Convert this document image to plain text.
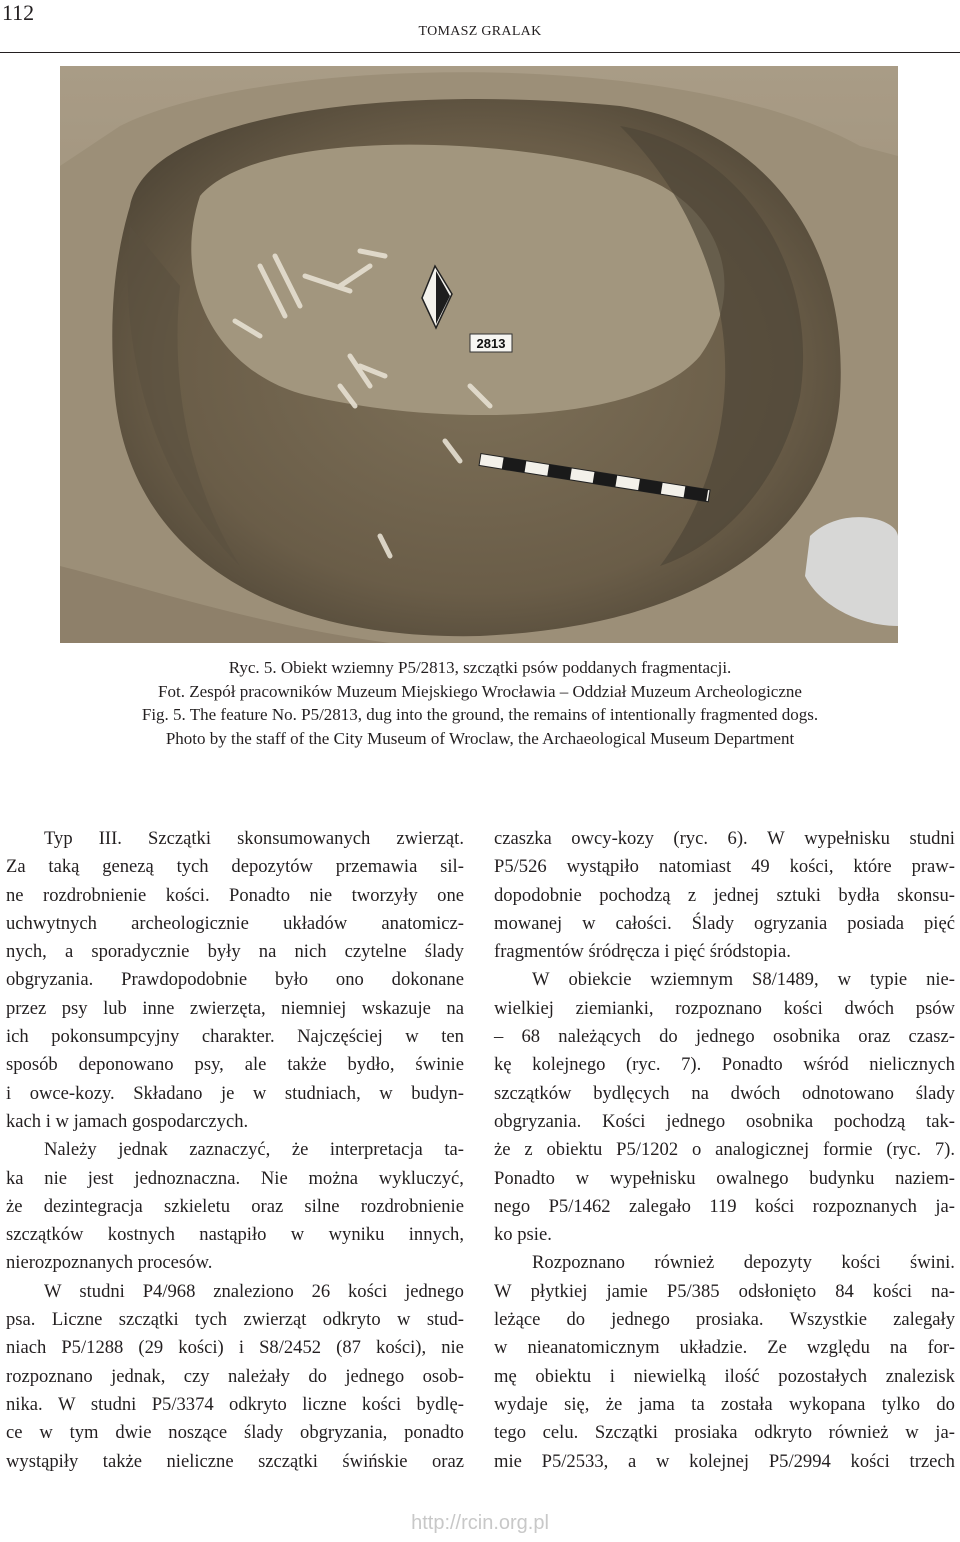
112
TOMASZ GRALAK
2813
Ryc. 5. Obiekt wziemny P5/2813, szczątki psów poddanych fragmentacji.
Fot. Zespół pracowników Muzeum Miejskiego Wrocławia – Oddział Muzeum Archeologiczne
Fig. 5. The feature No. P5/2813, dug into the ground, the remains of intentionally fragmented dogs.
Photo by the staff of the City Museum of Wroclaw, the Archaeological Museum Department
Typ III. Szczątki skonsumowanych zwierząt.
Za taką genezą tych depozytów przemawia sil-
ne rozdrobnienie kości. Ponadto nie tworzyły one
uchwytnych archeologicznie układów anatomicz-
nych, a sporadycznie były na nich czytelne ślady
obgryzania. Prawdopodobnie było ono dokonane
przez psy lub inne zwierzęta, niemniej wskazuje na
ich pokonsumpcyjny charakter. Najczęściej w ten
sposób deponowano psy, ale także bydło, świnie
i owce-kozy. Składano je w studniach, w budyn-
kach i w jamach gospodarczych.
Należy jednak zaznaczyć, że interpretacja ta-
ka nie jest jednoznaczna. Nie można wykluczyć,
że dezintegracja szkieletu oraz silne rozdrobnienie
szczątków kostnych nastąpiło w wyniku innych,
nierozpoznanych procesów.
W studni P4/968 znaleziono 26 kości jednego
psa. Liczne szczątki tych zwierząt odkryto w stud-
niach P5/1288 (29 kości) i S8/2452 (87 kości), nie
rozpoznano jednak, czy należały do jednego osob-
nika. W studni P5/3374 odkryto liczne kości bydlę-
ce w tym dwie noszące ślady obgryzania, ponadto
wystąpiły także nieliczne szczątki świńskie oraz
czaszka owcy-kozy (ryc. 6). W wypełnisku studni
P5/526 wystąpiło natomiast 49 kości, które praw-
dopodobnie pochodzą z jednej sztuki bydła skonsu-
mowanej w całości. Ślady ogryzania posiada pięć
fragmentów śródręcza i pięć śródstopia.
W obiekcie wziemnym S8/1489, w typie nie-
wielkiej ziemianki, rozpoznano kości dwóch psów
– 68 należących do jednego osobnika oraz czasz-
kę kolejnego (ryc. 7). Ponadto wśród nielicznych
szczątków bydlęcych na dwóch odnotowano ślady
obgryzania. Kości jednego osobnika pochodzą tak-
że z obiektu P5/1202 o analogicznej formie (ryc. 7).
Ponadto w wypełnisku owalnego budynku naziem-
nego P5/1462 zalegało 119 kości rozpoznanych ja-
ko psie.
Rozpoznano również depozyty kości świni.
W płytkiej jamie P5/385 odsłonięto 84 kości na-
leżące do jednego prosiaka. Wszystkie zalegały
w nieanatomicznym układzie. Ze względu na for-
mę obiektu i niewielką ilość pozostałych znalezisk
wydaje się, że jama ta została wykopana tylko do
tego celu. Szczątki prosiaka odkryto również w ja-
mie P5/2533, a w kolejnej P5/2994 kości trzech
http://rcin.org.pl
